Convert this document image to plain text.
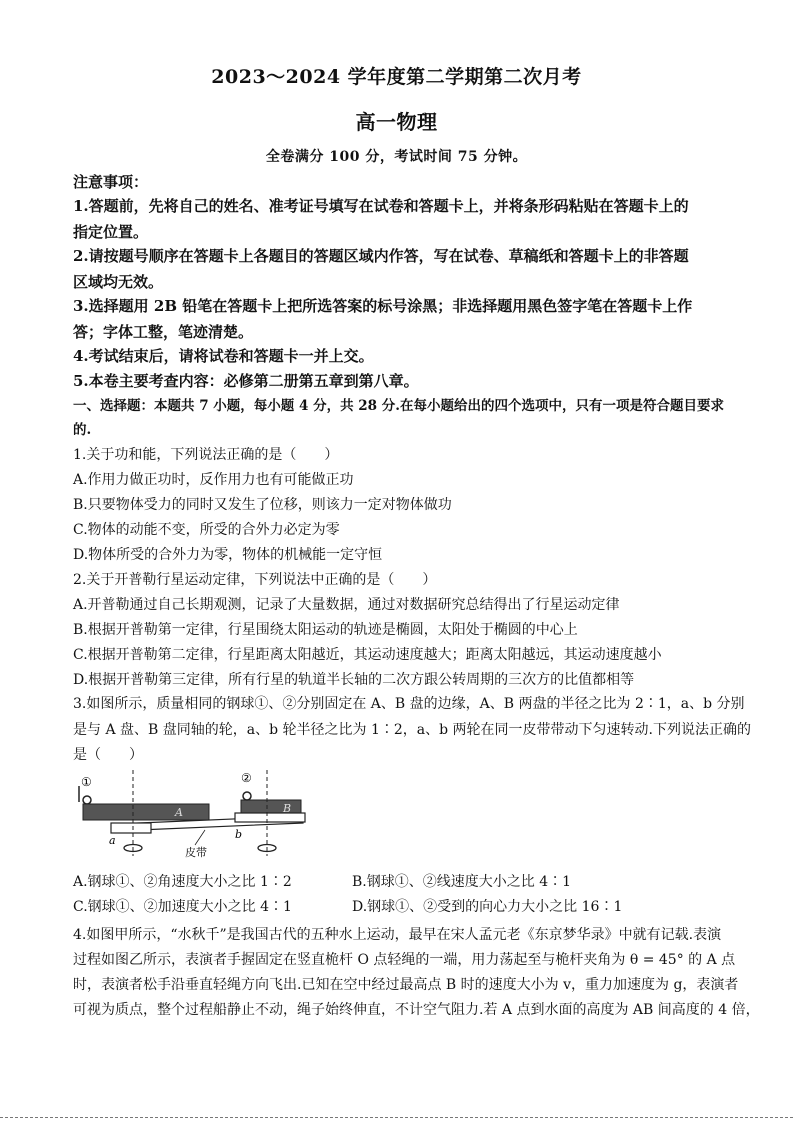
2023～2024 学年度第二学期第二次月考
高一物理
全卷满分 100 分，考试时间 75 分钟。
注意事项：
1.答题前，先将自己的姓名、准考证号填写在试卷和答题卡上，并将条形码粘贴在答题卡上的
指定位置。
2.请按题号顺序在答题卡上各题目的答题区域内作答，写在试卷、草稿纸和答题卡上的非答题
区域均无效。
3.选择题用 2B 铅笔在答题卡上把所选答案的标号涂黑；非选择题用黑色签字笔在答题卡上作
答；字体工整，笔迹清楚。
4.考试结束后，请将试卷和答题卡一并上交。
5.本卷主要考查内容：必修第二册第五章到第八章。
一、选择题：本题共 7 小题，每小题 4 分，共 28 分.在每小题给出的四个选项中，只有一项是符合题目要求
的.
1.关于功和能，下列说法正确的是（　　）
A.作用力做正功时，反作用力也有可能做正功
B.只要物体受力的同时又发生了位移，则该力一定对物体做功
C.物体的动能不变，所受的合外力必定为零
D.物体所受的合外力为零，物体的机械能一定守恒
2.关于开普勒行星运动定律，下列说法中正确的是（　　）
A.开普勒通过自己长期观测，记录了大量数据，通过对数据研究总结得出了行星运动定律
B.根据开普勒第一定律，行星围绕太阳运动的轨迹是椭圆，太阳处于椭圆的中心上
C.根据开普勒第二定律，行星距离太阳越近，其运动速度越大；距离太阳越远，其运动速度越小
D.根据开普勒第三定律，所有行星的轨道半长轴的二次方跟公转周期的三次方的比值都相等
3.如图所示，质量相同的钢球①、②分别固定在 A、B 盘的边缘，A、B 两盘的半径之比为 2∶1，a、b 分别
是与 A 盘、B 盘同轴的轮，a、b 轮半径之比为 1∶2，a、b 两轮在同一皮带带动下匀速转动.下列说法正确的
是（　　）
①	②
A	B
a	b
皮带
A.钢球①、②角速度大小之比 1∶2	B.钢球①、②线速度大小之比 4∶1
C.钢球①、②加速度大小之比 4∶1	D.钢球①、②受到的向心力大小之比 16∶1
4.如图甲所示，“水秋千”是我国古代的五种水上运动，最早在宋人孟元老《东京梦华录》中就有记载.表演
过程如图乙所示，表演者手握固定在竖直桅杆 O 点轻绳的一端，用力荡起至与桅杆夹角为 θ = 45° 的 A 点
时，表演者松手沿垂直轻绳方向飞出.已知在空中经过最高点 B 时的速度大小为 v，重力加速度为 g，表演者
可视为质点，整个过程船静止不动，绳子始终伸直，不计空气阻力.若 A 点到水面的高度为 AB 间高度的 4 倍，
